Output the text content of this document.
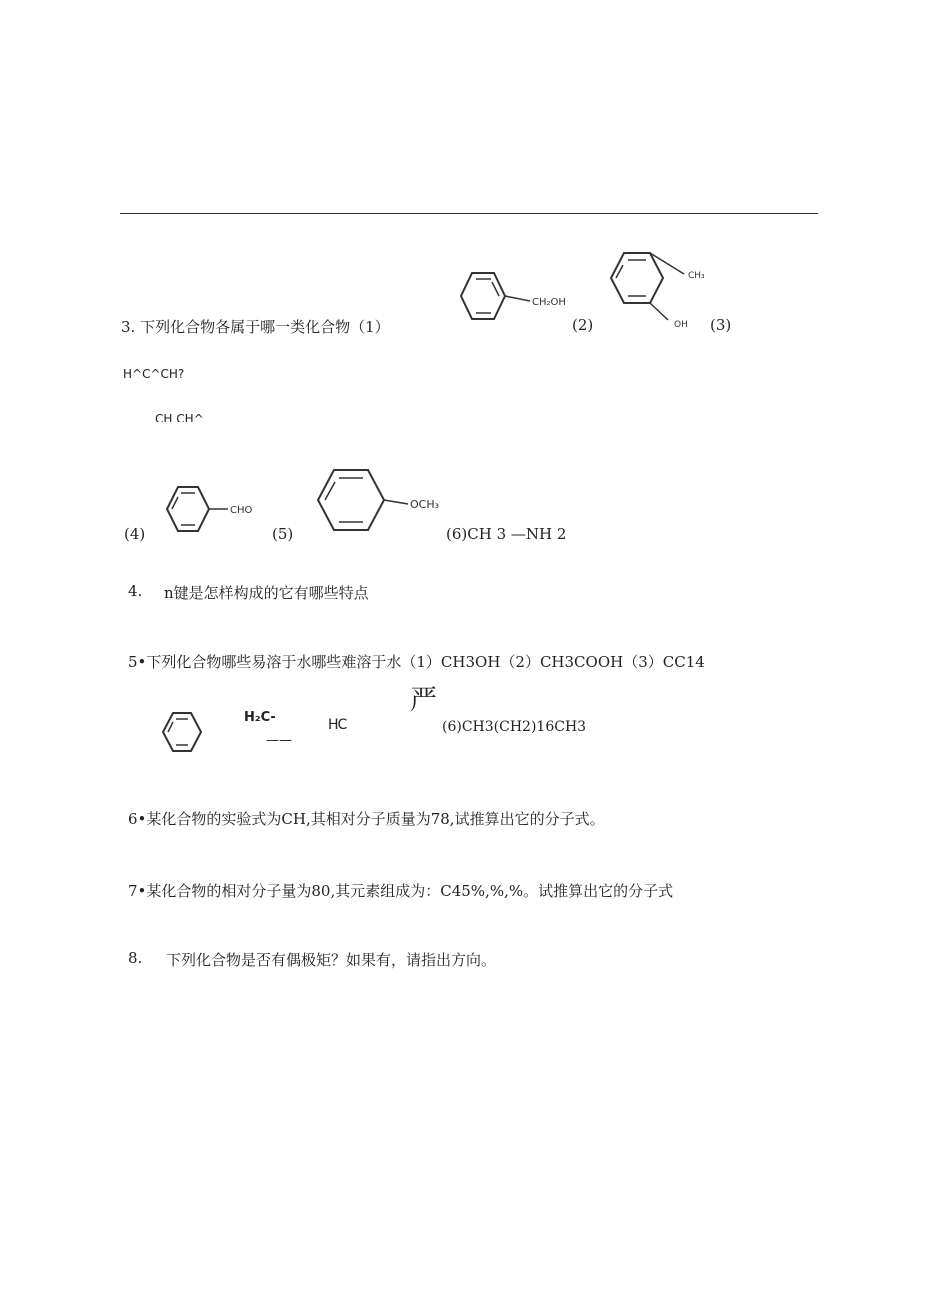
3. 下列化合物各属于哪一类化合物（1）
CH₂OH
(2)
CH₃
OH (3)
H^C^CH?
CH CH^
(4)
CHO
(5)
OCH₃
(6)CH 3 —NH 2
4. n键是怎样构成的它有哪些特点
5•下列化合物哪些易溶于水哪些难溶于水（1）CH3OH（2）CH3COOH（3）CC14
严
H₂C-
——
HC	(6)CH3(CH2)16CH3
6•某化合物的实验式为CH,其相对分子质量为78,试推算出它的分子式。
7•某化合物的相对分子量为80,其元素组成为：C45%,%,%。试推算出它的分子式
8. 下列化合物是否有偶极矩？如果有，请指出方向。
